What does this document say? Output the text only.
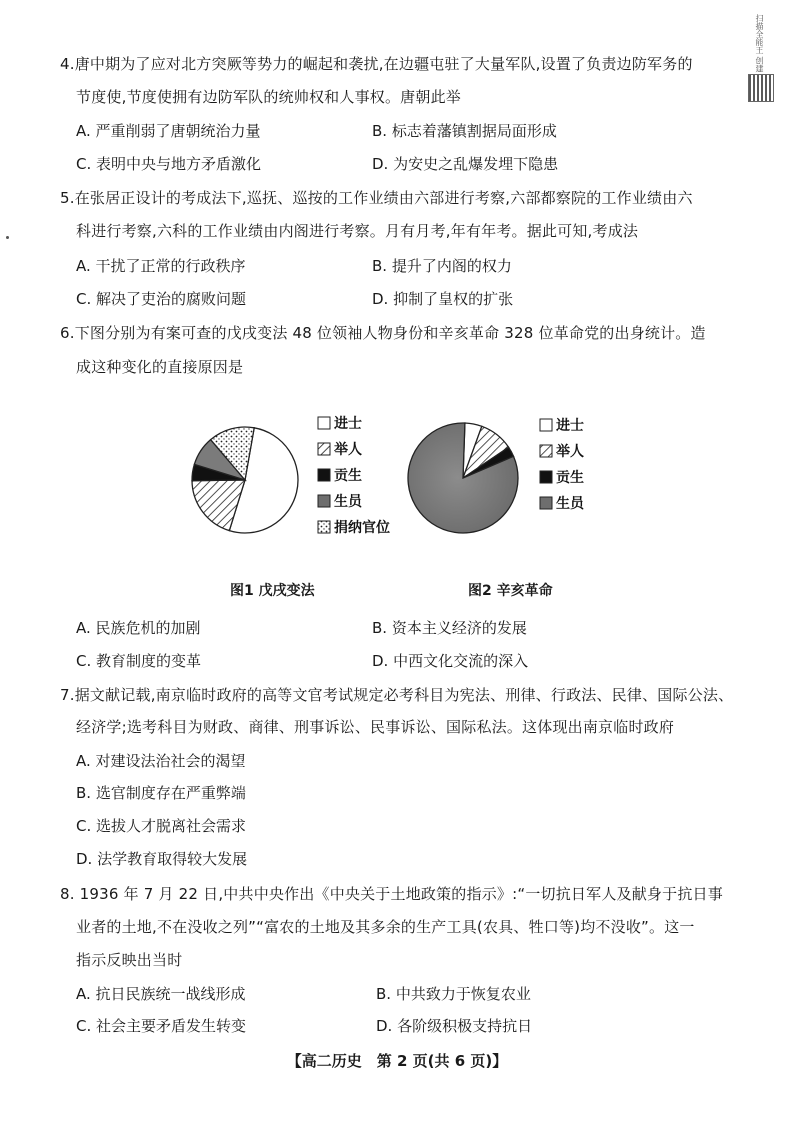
扫描全能王 创建
4.唐中期为了应对北方突厥等势力的崛起和袭扰,在边疆屯驻了大量军队,设置了负责边防军务的
节度使,节度使拥有边防军队的统帅权和人事权。唐朝此举
A. 严重削弱了唐朝统治力量	B. 标志着藩镇割据局面形成
C. 表明中央与地方矛盾激化	D. 为安史之乱爆发埋下隐患
5.在张居正设计的考成法下,巡抚、巡按的工作业绩由六部进行考察,六部都察院的工作业绩由六
科进行考察,六科的工作业绩由内阁进行考察。月有月考,年有年考。据此可知,考成法
A. 干扰了正常的行政秩序	B. 提升了内阁的权力
C. 解决了吏治的腐败问题	D. 抑制了皇权的扩张
6.下图分别为有案可查的戊戌变法 48 位领袖人物身份和辛亥革命 328 位革命党的出身统计。造
成这种变化的直接原因是
进士
举人
贡生
生员
捐纳官位
进士
举人
贡生
生员
图1 戊戌变法	图2 辛亥革命
A. 民族危机的加剧	B. 资本主义经济的发展
C. 教育制度的变革	D. 中西文化交流的深入
7.据文献记载,南京临时政府的高等文官考试规定必考科目为宪法、刑律、行政法、民律、国际公法、
经济学;选考科目为财政、商律、刑事诉讼、民事诉讼、国际私法。这体现出南京临时政府
A. 对建设法治社会的渴望
B. 选官制度存在严重弊端
C. 选拔人才脱离社会需求
D. 法学教育取得较大发展
8. 1936 年 7 月 22 日,中共中央作出《中央关于土地政策的指示》:“一切抗日军人及献身于抗日事
业者的土地,不在没收之列”“富农的土地及其多余的生产工具(农具、牲口等)均不没收”。这一
指示反映出当时
A. 抗日民族统一战线形成	B. 中共致力于恢复农业
C. 社会主要矛盾发生转变	D. 各阶级积极支持抗日
【高二历史　第 2 页(共 6 页)】
